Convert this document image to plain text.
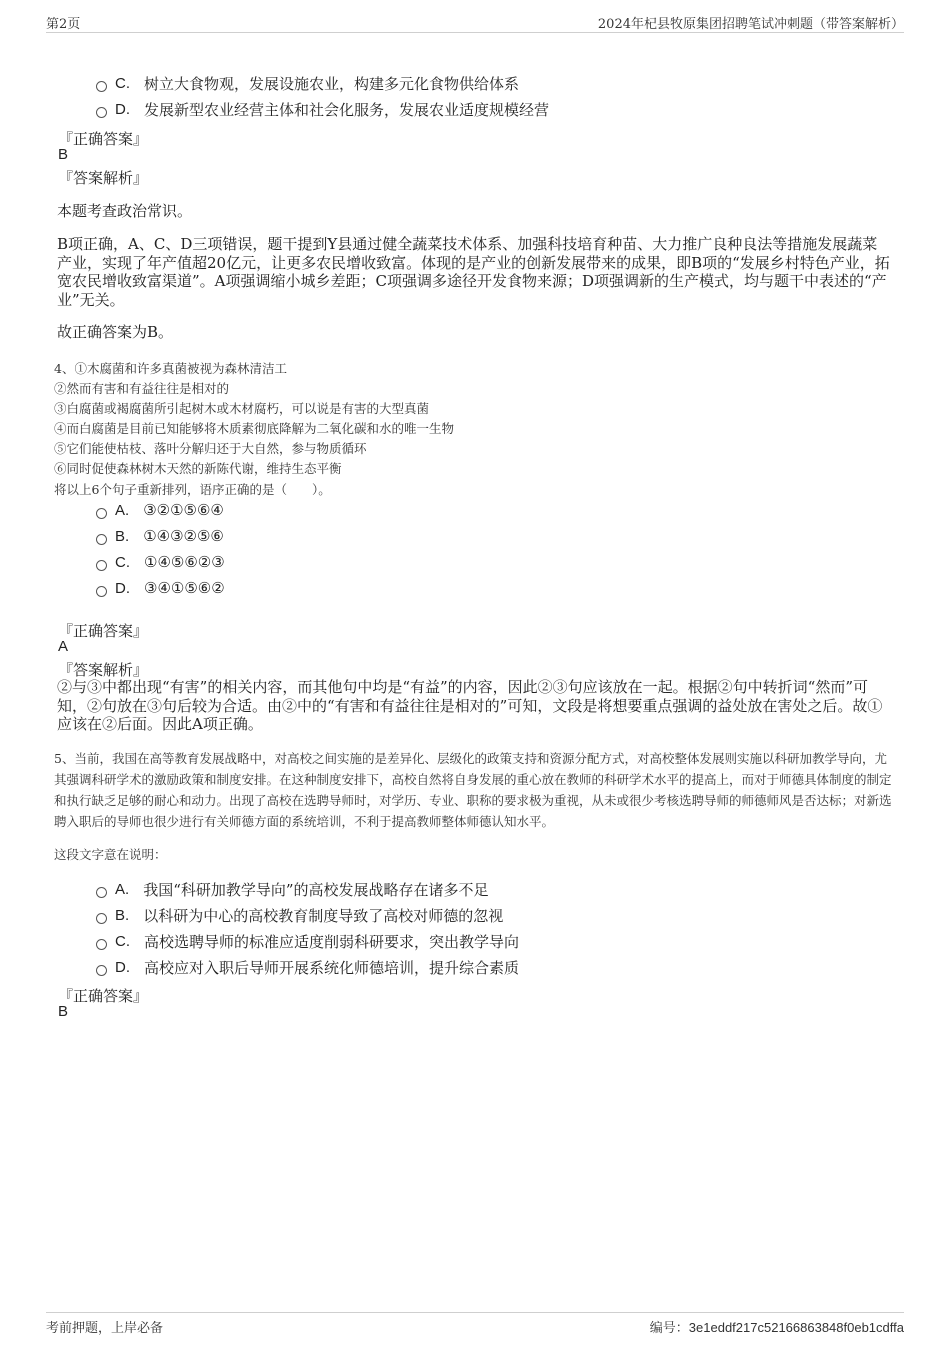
第2页	2024年杞县牧原集团招聘笔试冲刺题（带答案解析）
C. 树立大食物观，发展设施农业，构建多元化食物供给体系
D. 发展新型农业经营主体和社会化服务，发展农业适度规模经营
『正确答案』
B
『答案解析』
本题考查政治常识。
B项正确，A、C、D三项错误，题干提到Y县通过健全蔬菜技术体系、加强科技培育种苗、大力推广良种良法等措施发展蔬菜产业，实现了年产值超20亿元，让更多农民增收致富。体现的是产业的创新发展带来的成果，即B项的“发展乡村特色产业，拓宽农民增收致富渠道”。A项强调缩小城乡差距；C项强调多途径开发食物来源；D项强调新的生产模式，均与题干中表述的“产业”无关。
故正确答案为B。
4、①木腐菌和许多真菌被视为森林清洁工
②然而有害和有益往往是相对的
③白腐菌或褐腐菌所引起树木或木材腐朽，可以说是有害的大型真菌
④而白腐菌是目前已知能够将木质素彻底降解为二氧化碳和水的唯一生物
⑤它们能使枯枝、落叶分解归还于大自然，参与物质循环
⑥同时促使森林树木天然的新陈代谢，维持生态平衡
将以上6个句子重新排列，语序正确的是（　　）。
A. ③②①⑤⑥④
B. ①④③②⑤⑥
C. ①④⑤⑥②③
D. ③④①⑤⑥②
『正确答案』
A
『答案解析』
②与③中都出现“有害”的相关内容，而其他句中均是“有益”的内容，因此②③句应该放在一起。根据②句中转折词“然而”可知，②句放在③句后较为合适。由②中的“有害和有益往往是相对的”可知，文段是将想要重点强调的益处放在害处之后。故①应该在②后面。因此A项正确。
5、当前，我国在高等教育发展战略中，对高校之间实施的是差异化、层级化的政策支持和资源分配方式，对高校整体发展则实施以科研加教学导向，尤其强调科研学术的激励政策和制度安排。在这种制度安排下，高校自然将自身发展的重心放在教师的科研学术水平的提高上，而对于师德具体制度的制定和执行缺乏足够的耐心和动力。出现了高校在选聘导师时，对学历、专业、职称的要求极为重视，从未或很少考核选聘导师的师德师风是否达标；对新选聘入职后的导师也很少进行有关师德方面的系统培训，不利于提高教师整体师德认知水平。
这段文字意在说明：
A. 我国“科研加教学导向”的高校发展战略存在诸多不足
B. 以科研为中心的高校教育制度导致了高校对师德的忽视
C. 高校选聘导师的标准应适度削弱科研要求，突出教学导向
D. 高校应对入职后导师开展系统化师德培训，提升综合素质
『正确答案』
B
考前押题，上岸必备	编号：3e1eddf217c52166863848f0eb1cdffa
